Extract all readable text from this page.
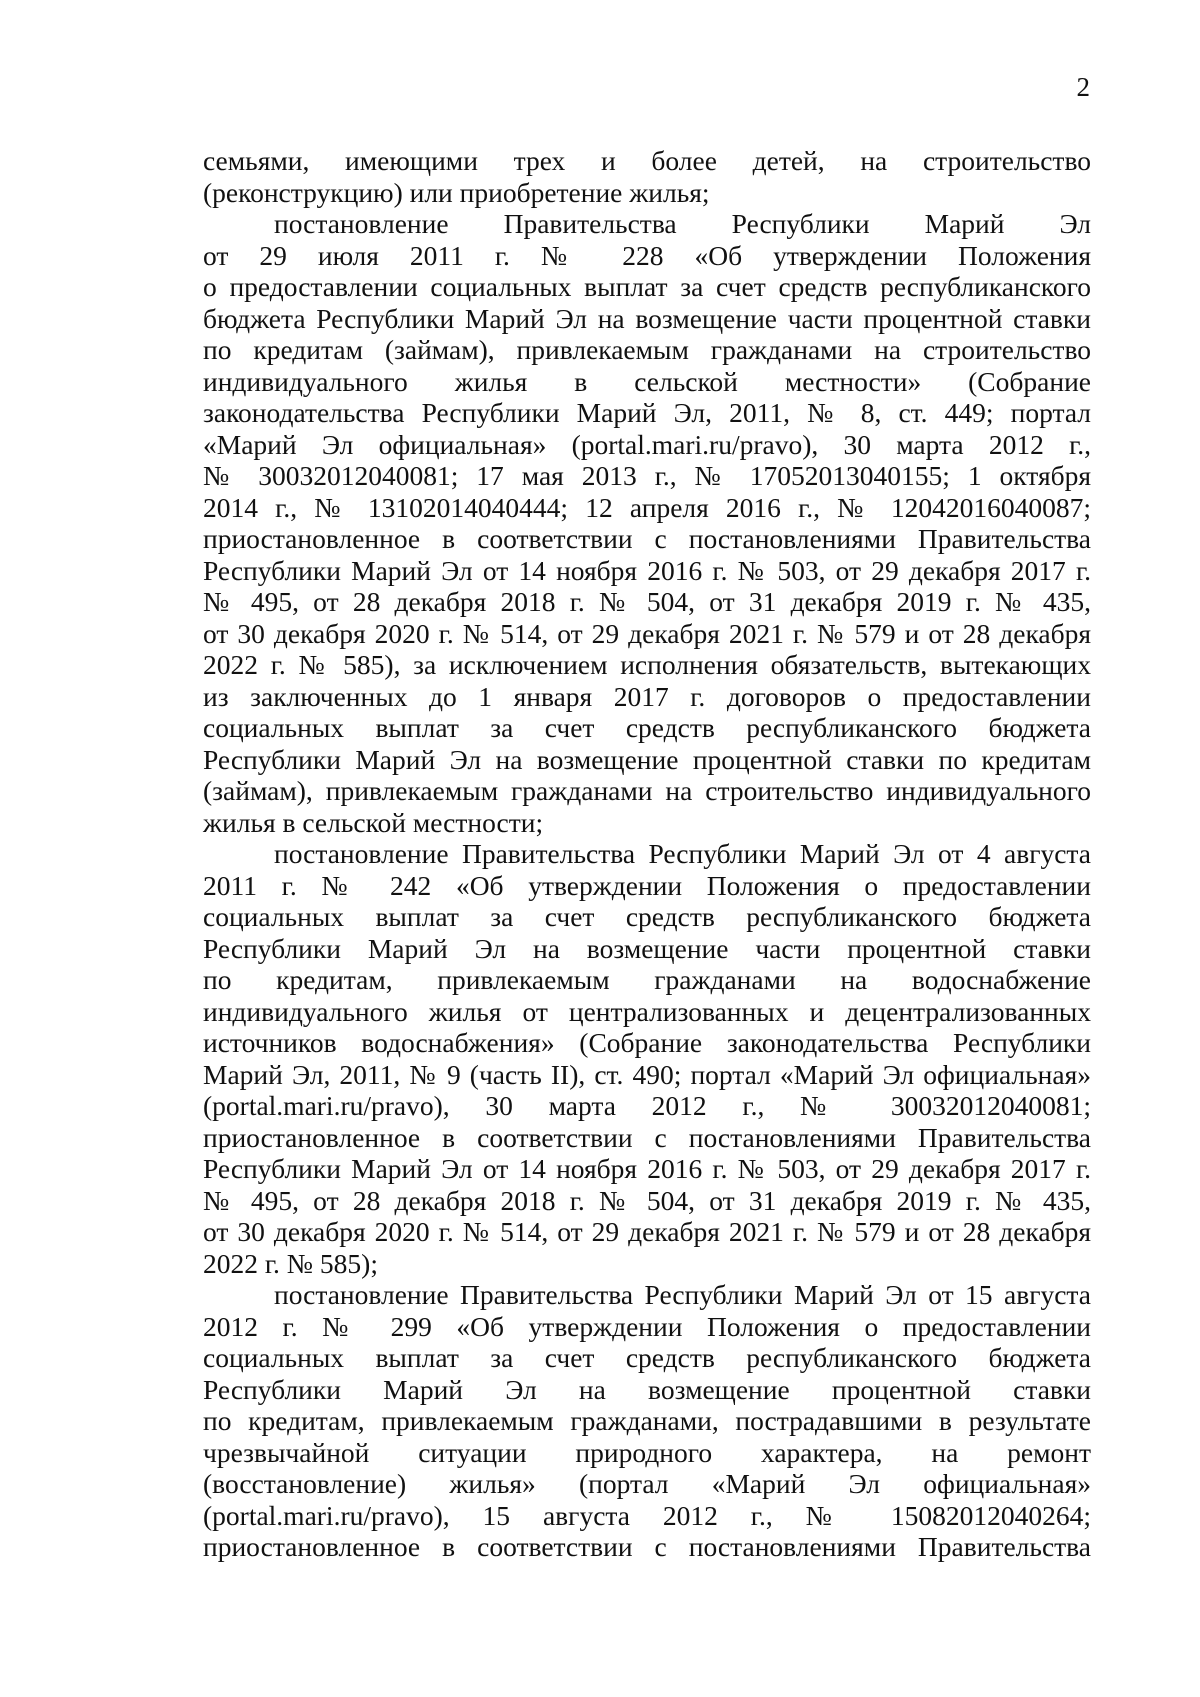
2
семьями, имеющими трех и более детей, на строительство
(реконструкцию) или приобретение жилья;
постановление Правительства Республики Марий Эл
от 29 июля 2011 г. № 228 «Об утверждении Положения
о предоставлении социальных выплат за счет средств республиканского
бюджета Республики Марий Эл на возмещение части процентной ставки
по кредитам (займам), привлекаемым гражданами на строительство
индивидуального жилья в сельской местности» (Собрание
законодательства Республики Марий Эл, 2011, № 8, ст. 449; портал
«Марий Эл официальная» (portal.mari.ru/pravo), 30 марта 2012 г.,
№ 30032012040081; 17 мая 2013 г., № 17052013040155; 1 октября
2014 г., № 13102014040444; 12 апреля 2016 г., № 12042016040087;
приостановленное в соответствии с постановлениями Правительства
Республики Марий Эл от 14 ноября 2016 г. № 503, от 29 декабря 2017 г.
№ 495, от 28 декабря 2018 г. № 504, от 31 декабря 2019 г. № 435,
от 30 декабря 2020 г. № 514, от 29 декабря 2021 г. № 579 и от 28 декабря
2022 г. № 585), за исключением исполнения обязательств, вытекающих
из заключенных до 1 января 2017 г. договоров о предоставлении
социальных выплат за счет средств республиканского бюджета
Республики Марий Эл на возмещение процентной ставки по кредитам
(займам), привлекаемым гражданами на строительство индивидуального
жилья в сельской местности;
постановление Правительства Республики Марий Эл от 4 августа
2011 г. № 242 «Об утверждении Положения о предоставлении
социальных выплат за счет средств республиканского бюджета
Республики Марий Эл на возмещение части процентной ставки
по кредитам, привлекаемым гражданами на водоснабжение
индивидуального жилья от централизованных и децентрализованных
источников водоснабжения» (Собрание законодательства Республики
Марий Эл, 2011, № 9 (часть II), ст. 490; портал «Марий Эл официальная»
(portal.mari.ru/pravo), 30 марта 2012 г., № 30032012040081;
приостановленное в соответствии с постановлениями Правительства
Республики Марий Эл от 14 ноября 2016 г. № 503, от 29 декабря 2017 г.
№ 495, от 28 декабря 2018 г. № 504, от 31 декабря 2019 г. № 435,
от 30 декабря 2020 г. № 514, от 29 декабря 2021 г. № 579 и от 28 декабря
2022 г. № 585);
постановление Правительства Республики Марий Эл от 15 августа
2012 г. № 299 «Об утверждении Положения о предоставлении
социальных выплат за счет средств республиканского бюджета
Республики Марий Эл на возмещение процентной ставки
по кредитам, привлекаемым гражданами, пострадавшими в результате
чрезвычайной ситуации природного характера, на ремонт
(восстановление) жилья» (портал «Марий Эл официальная»
(portal.mari.ru/pravo), 15 августа 2012 г., № 15082012040264;
приостановленное в соответствии с постановлениями Правительства
